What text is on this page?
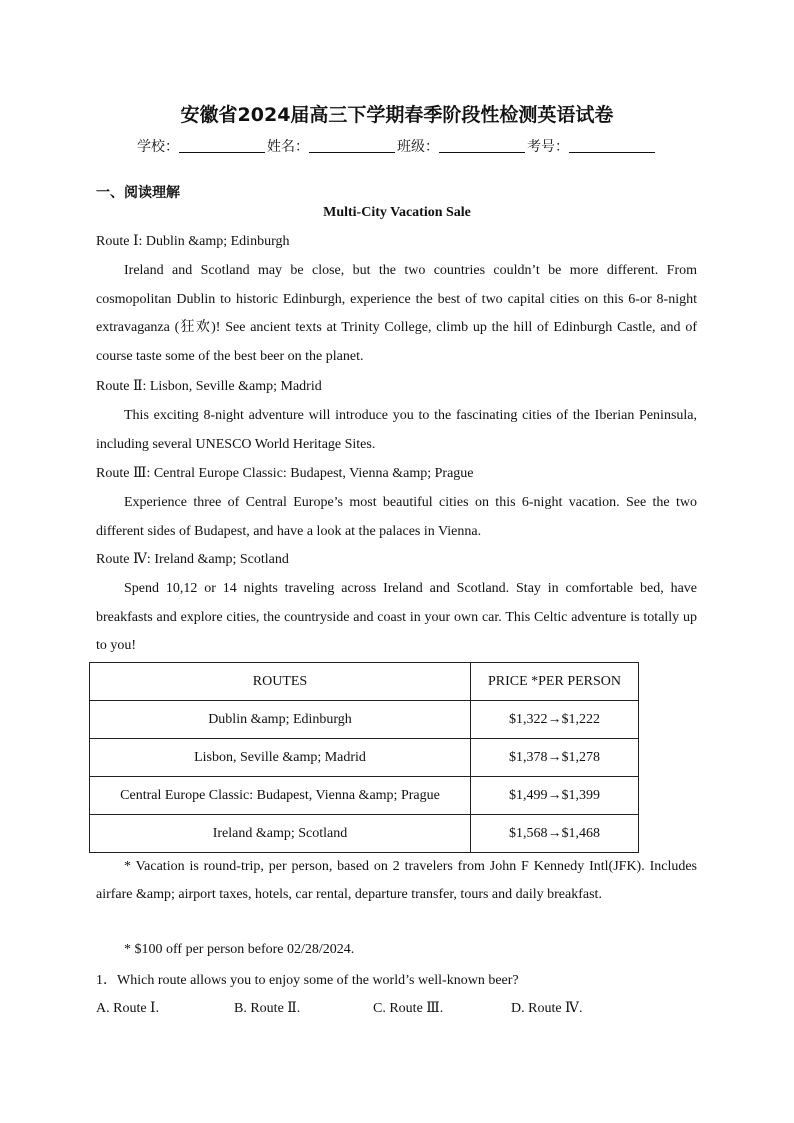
安徽省2024届高三下学期春季阶段性检测英语试卷
学校：	姓名：	班级：	考号：
一、阅读理解
Multi-City Vacation Sale
Route Ⅰ: Dublin &amp; Edinburgh
Ireland and Scotland may be close, but the two countries couldn’t be more different. From cosmopolitan Dublin to historic Edinburgh, experience the best of two capital cities on this 6-or 8-night extravaganza (狂欢)! See ancient texts at Trinity College, climb up the hill of Edinburgh Castle, and of course taste some of the best beer on the planet.
Route Ⅱ: Lisbon, Seville &amp; Madrid
This exciting 8-night adventure will introduce you to the fascinating cities of the Iberian Peninsula, including several UNESCO World Heritage Sites.
Route Ⅲ: Central Europe Classic: Budapest, Vienna &amp; Prague
Experience three of Central Europe’s most beautiful cities on this 6-night vacation. See the two different sides of Budapest, and have a look at the palaces in Vienna.
Route Ⅳ: Ireland &amp; Scotland
Spend 10,12 or 14 nights traveling across Ireland and Scotland. Stay in comfortable bed, have breakfasts and explore cities, the countryside and coast in your own car. This Celtic adventure is totally up to you!
ROUTES	PRICE *PER PERSON
Dublin &amp; Edinburgh	$1,322→$1,222
Lisbon, Seville &amp; Madrid	$1,378→$1,278
Central Europe Classic: Budapest, Vienna &amp; Prague	$1,499→$1,399
Ireland &amp; Scotland	$1,568→$1,468
* Vacation is round-trip, per person, based on 2 travelers from John F Kennedy Intl(JFK). Includes airfare &amp; airport taxes, hotels, car rental, departure transfer, tours and daily breakfast.
* $100 off per person before 02/28/2024.
1．Which route allows you to enjoy some of the world’s well-known beer?
A. Route Ⅰ.	B. Route Ⅱ.	C. Route Ⅲ.	D. Route Ⅳ.
